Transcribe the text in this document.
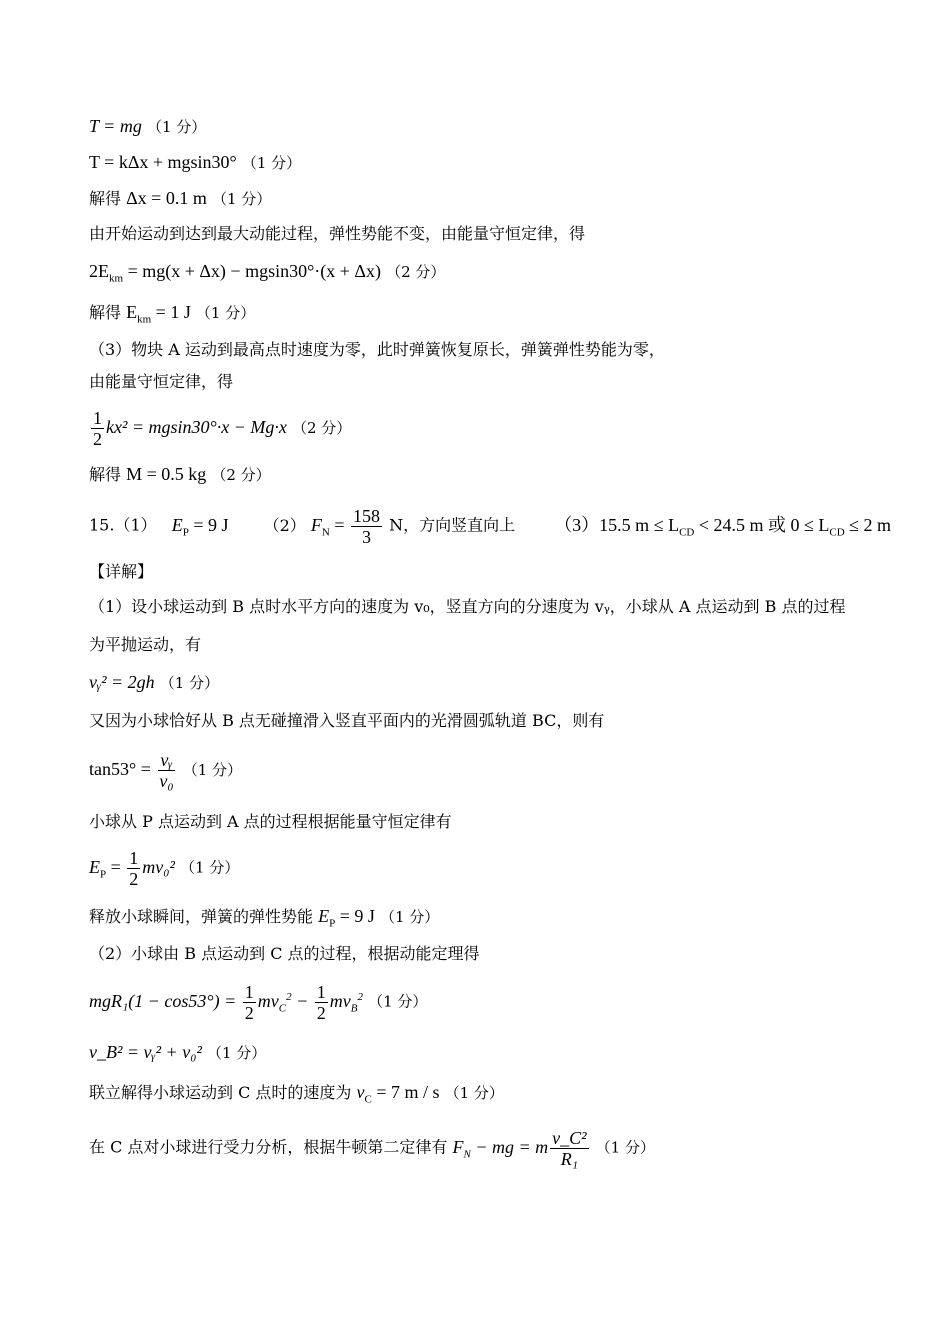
T = mg （1 分）
T = kΔx + mgsin30° （1 分）
解得 Δx = 0.1 m （1 分）
由开始运动到达到最大动能过程，弹性势能不变，由能量守恒定律，得
$2E_{km} = mg(x + \Delta x) - mgsin30^\circ\cdot(x + \Delta x)$ （2 分）
解得 $E_{km} = 1$ J （1 分）
（3）物块 A 运动到最高点时速度为零，此时弹簧恢复原长，弹簧弹性势能为零，
由能量守恒定律，得
$\frac{1}{2} kx^2 = mgsin30^\circ\cdot x - Mg\cdot x$ （2 分）
解得 M = 0.5 kg （2 分）
15.（1） $E_P = 9$ J （2） $F_N = \frac{158}{3}$ N，方向竖直向上 （3）15.5 $m \le L_{CD} < 24.5$ m 或 $0 \le L_{CD} \le 2$ m
【详解】
（1）设小球运动到 B 点时水平方向的速度为 v₀，竖直方向的分速度为 vᵧ，小球从 A 点运动到 B 点的过程
为平抛运动，有
vᵧ² = 2gh （1 分）
又因为小球恰好从 B 点无碰撞滑入竖直平面内的光滑圆弧轨道 BC，则有
$\tan 53^\circ = \frac{\text{vᵧ}}{\text{v₀}} (1$ 分）
小球从 P 点运动到 A 点的过程根据能量守恒定律有
$E_P = \frac{1}{2} mv_0^2$ （1 分）
释放小球瞬间，弹簧的弹性势能 $E_P = 9$ J （1 分）
（2）小球由 B 点运动到 C 点的过程，根据动能定理得
$mgR_1(1 - \cos 53^\circ) = \frac{1}{2} mv_C^2 - \frac{1}{2} mv_B^2$ （1 分）
v_B² = vᵧ² + v₀² （1 分）
联立解得小球运动到 C 点时的速度为 $v_C = 7$ m / s （1 分）
在 C 点对小球进行受力分析，根据牛顿第二定律有 $F_N$ − mg = m $\frac{\text{v\_C²}}{\text{R₁}} (1$ 分）
